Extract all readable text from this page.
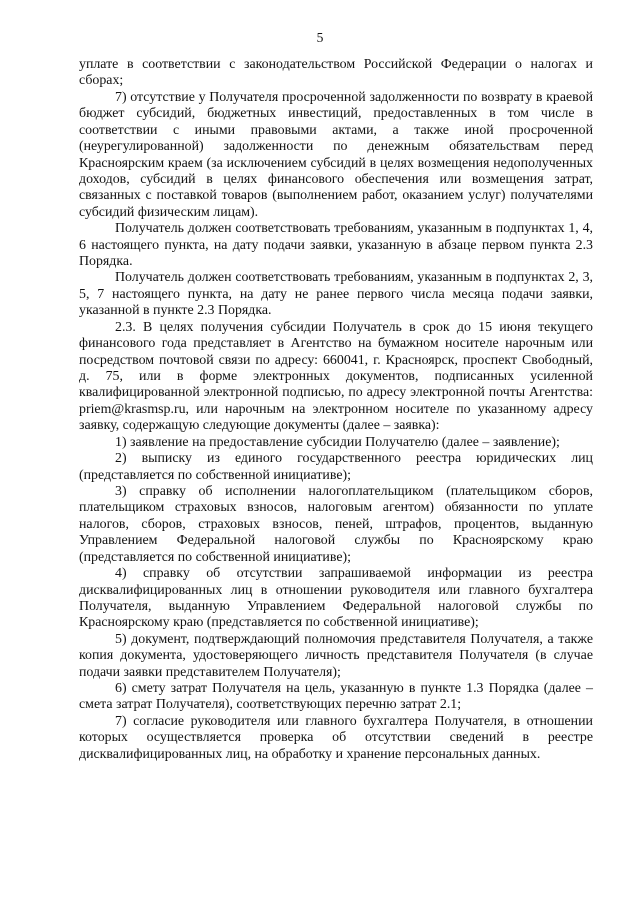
5

уплате в соответствии с законодательством Российской Федерации о налогах и сборах;

7) отсутствие у Получателя просроченной задолженности по возврату в краевой бюджет субсидий, бюджетных инвестиций, предоставленных в том числе в соответствии с иными правовыми актами, а также иной просроченной (неурегулированной) задолженности по денежным обязательствам перед Красноярским краем (за исключением субсидий в целях возмещения недополученных доходов, субсидий в целях финансового обеспечения или возмещения затрат, связанных с поставкой товаров (выполнением работ, оказанием услуг) получателями субсидий физическим лицам).

Получатель должен соответствовать требованиям, указанным в подпунктах 1, 4, 6 настоящего пункта, на дату подачи заявки, указанную в абзаце первом пункта 2.3 Порядка.

Получатель должен соответствовать требованиям, указанным в подпунктах 2, 3, 5, 7 настоящего пункта, на дату не ранее первого числа месяца подачи заявки, указанной в пункте 2.3 Порядка.

2.3. В целях получения субсидии Получатель в срок до 15 июня текущего финансового года представляет в Агентство на бумажном носителе нарочным или посредством почтовой связи по адресу: 660041, г. Красноярск, проспект Свободный, д. 75, или в форме электронных документов, подписанных усиленной квалифицированной электронной подписью, по адресу электронной почты Агентства: priem@krasmsp.ru, или нарочным на электронном носителе по указанному адресу заявку, содержащую следующие документы (далее – заявка):

1) заявление на предоставление субсидии Получателю (далее – заявление);

2) выписку из единого государственного реестра юридических лиц (представляется по собственной инициативе);

3) справку об исполнении налогоплательщиком (плательщиком сборов, плательщиком страховых взносов, налоговым агентом) обязанности по уплате налогов, сборов, страховых взносов, пеней, штрафов, процентов, выданную Управлением Федеральной налоговой службы по Красноярскому краю (представляется по собственной инициативе);

4) справку об отсутствии запрашиваемой информации из реестра дисквалифицированных лиц в отношении руководителя или главного бухгалтера Получателя, выданную Управлением Федеральной налоговой службы по Красноярскому краю (представляется по собственной инициативе);

5) документ, подтверждающий полномочия представителя Получателя, а также копия документа, удостоверяющего личность представителя Получателя (в случае подачи заявки представителем Получателя);

6) смету затрат Получателя на цель, указанную в пункте 1.3 Порядка (далее – смета затрат Получателя), соответствующих перечню затрат 2.1;

7) согласие руководителя или главного бухгалтера Получателя, в отношении которых осуществляется проверка об отсутствии сведений в реестре дисквалифицированных лиц, на обработку и хранение персональных данных.
